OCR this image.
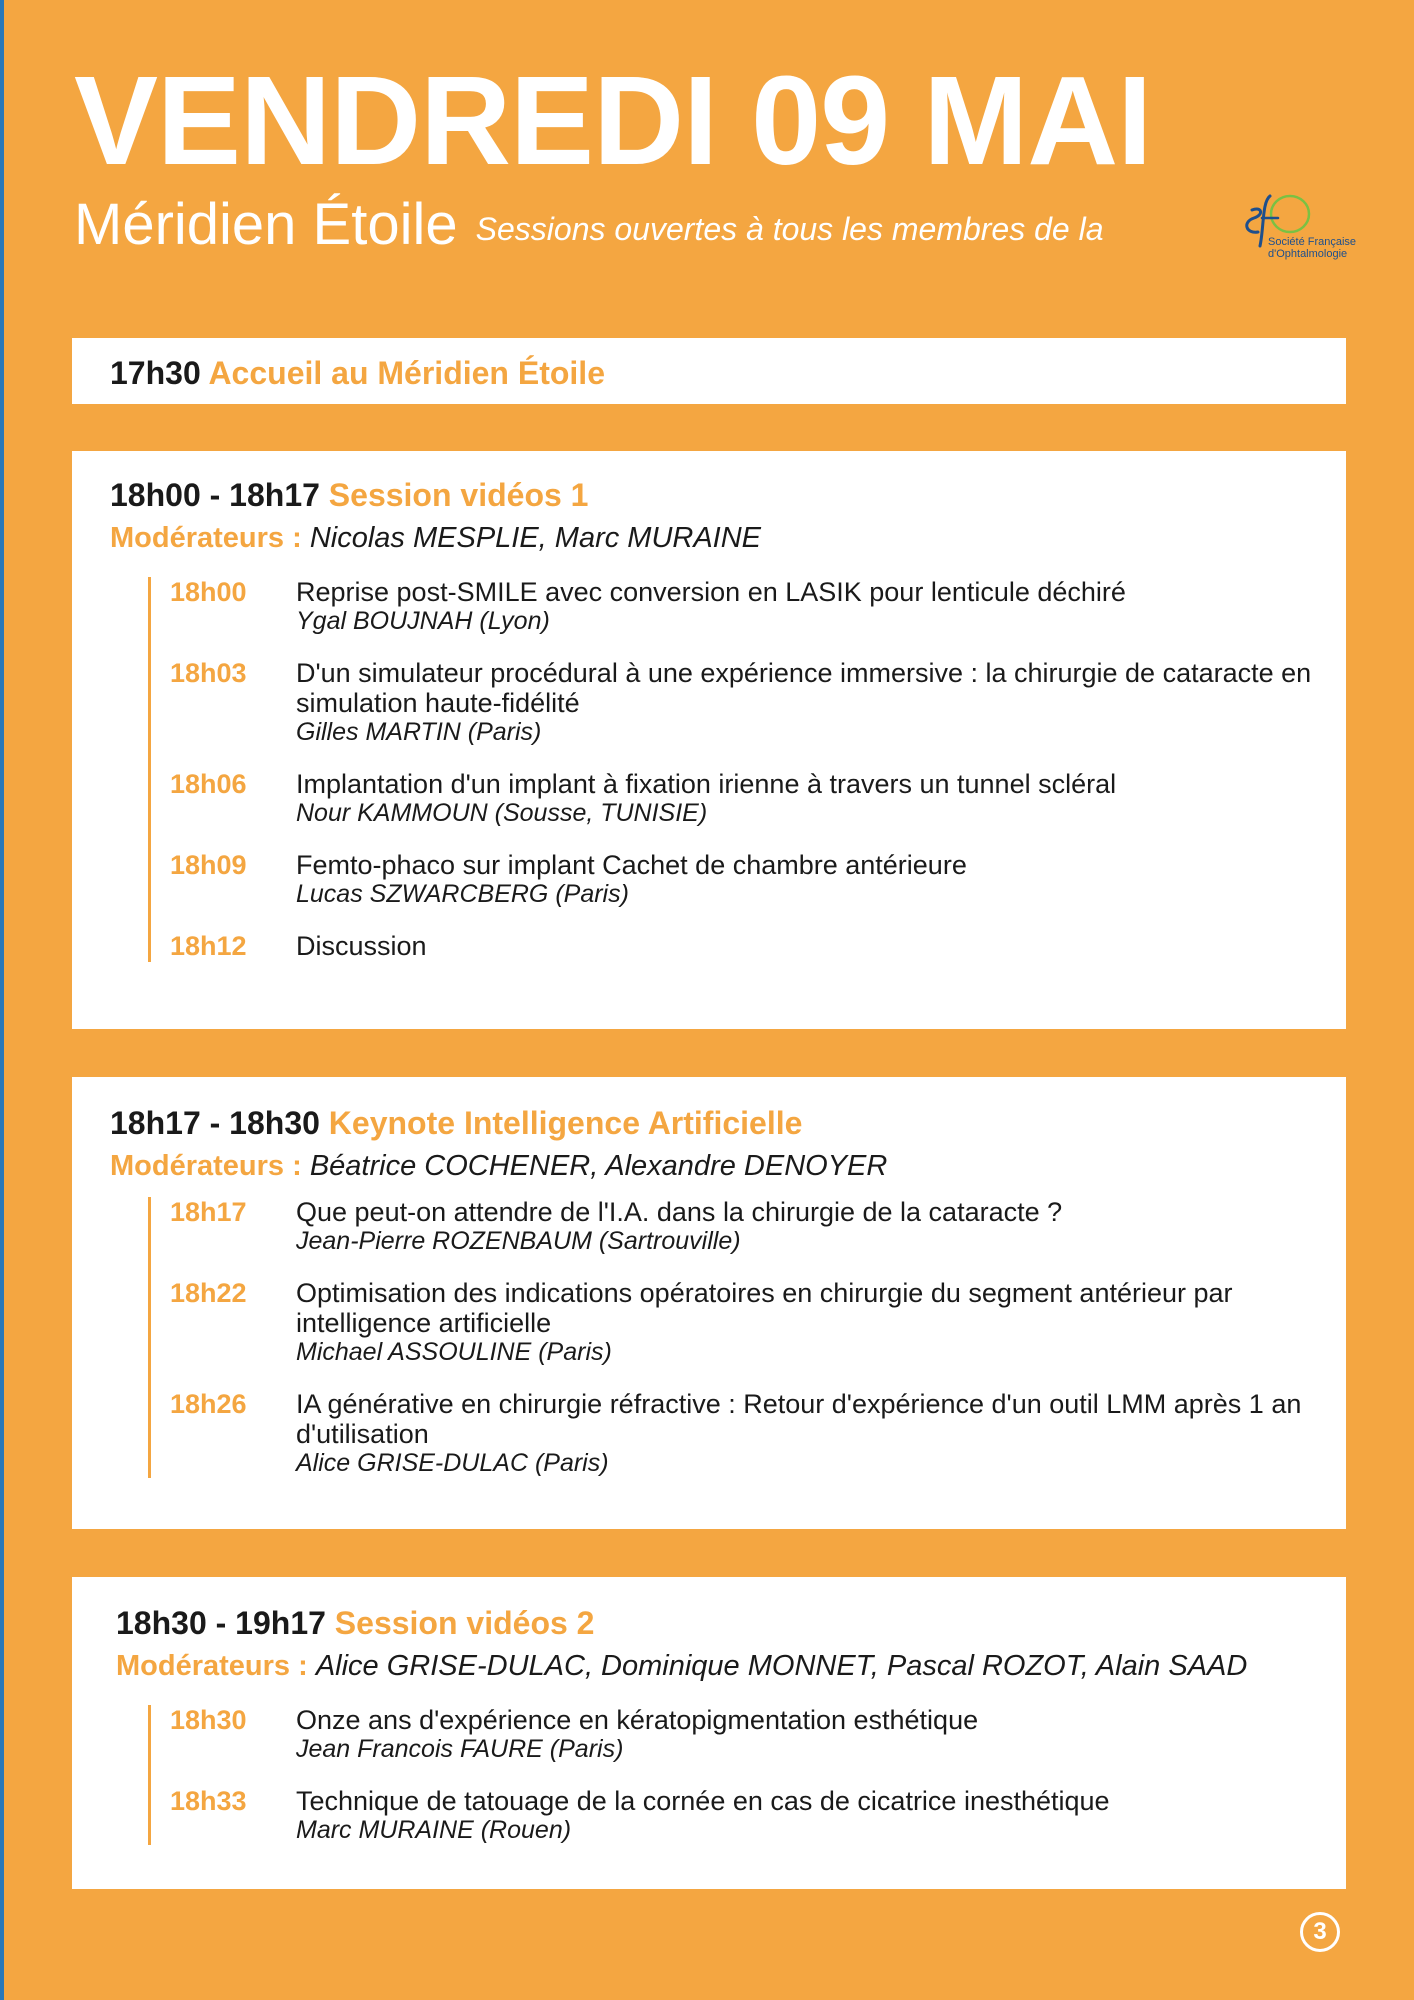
VENDREDI 09 MAI
Méridien Étoile Sessions ouvertes à tous les membres de la	Société Française
d'Ophtalmologie
17h30 Accueil au Méridien Étoile
18h00 - 18h17 Session vidéos 1
Modérateurs : Nicolas MESPLIE, Marc MURAINE
18h00	Reprise post-SMILE avec conversion en LASIK pour lenticule déchiré
Ygal BOUJNAH (Lyon)
18h03	D'un simulateur procédural à une expérience immersive : la chirurgie de cataracte en simulation haute-fidélité
Gilles MARTIN (Paris)
18h06	Implantation d'un implant à fixation irienne à travers un tunnel scléral
Nour KAMMOUN (Sousse, TUNISIE)
18h09	Femto-phaco sur implant Cachet de chambre antérieure
Lucas SZWARCBERG (Paris)
18h12	Discussion
18h17 - 18h30 Keynote Intelligence Artificielle
Modérateurs : Béatrice COCHENER, Alexandre DENOYER
18h17	Que peut-on attendre de l'I.A. dans la chirurgie de la cataracte ?
Jean-Pierre ROZENBAUM (Sartrouville)
18h22	Optimisation des indications opératoires en chirurgie du segment antérieur par intelligence artificielle
Michael ASSOULINE (Paris)
18h26	IA générative en chirurgie réfractive : Retour d'expérience d'un outil LMM après 1 an d'utilisation
Alice GRISE-DULAC (Paris)
18h30 - 19h17 Session vidéos 2
Modérateurs : Alice GRISE-DULAC, Dominique MONNET, Pascal ROZOT, Alain SAAD
18h30	Onze ans d'expérience en kératopigmentation esthétique
Jean Francois FAURE (Paris)
18h33	Technique de tatouage de la cornée en cas de cicatrice inesthétique
Marc MURAINE (Rouen)
3
